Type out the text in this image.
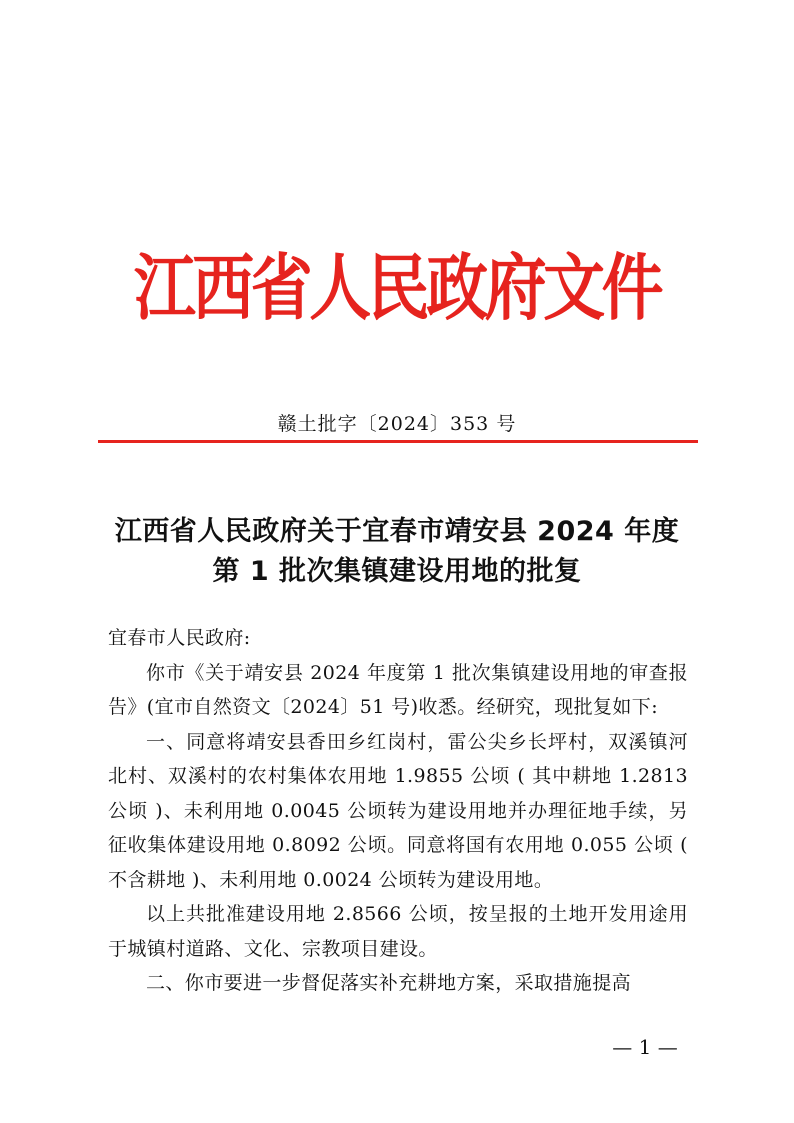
江西省人民政府文件
赣土批字〔2024〕353 号
江西省人民政府关于宜春市靖安县 2024 年度
第 1 批次集镇建设用地的批复

宜春市人民政府:

你市《关于靖安县 2024 年度第 1 批次集镇建设用地的审查报告》(宜市自然资文〔2024〕51 号)收悉。经研究，现批复如下:

一、同意将靖安县香田乡红岗村，雷公尖乡长坪村，双溪镇河北村、双溪村的农村集体农用地 1.9855 公顷 ( 其中耕地 1.2813 公顷 )、未利用地 0.0045 公顷转为建设用地并办理征地手续，另征收集体建设用地 0.8092 公顷。同意将国有农用地 0.055 公顷 ( 不含耕地 )、未利用地 0.0024 公顷转为建设用地。

以上共批准建设用地 2.8566 公顷，按呈报的土地开发用途用于城镇村道路、文化、宗教项目建设。

二、你市要进一步督促落实补充耕地方案，采取措施提高

— 1 —
